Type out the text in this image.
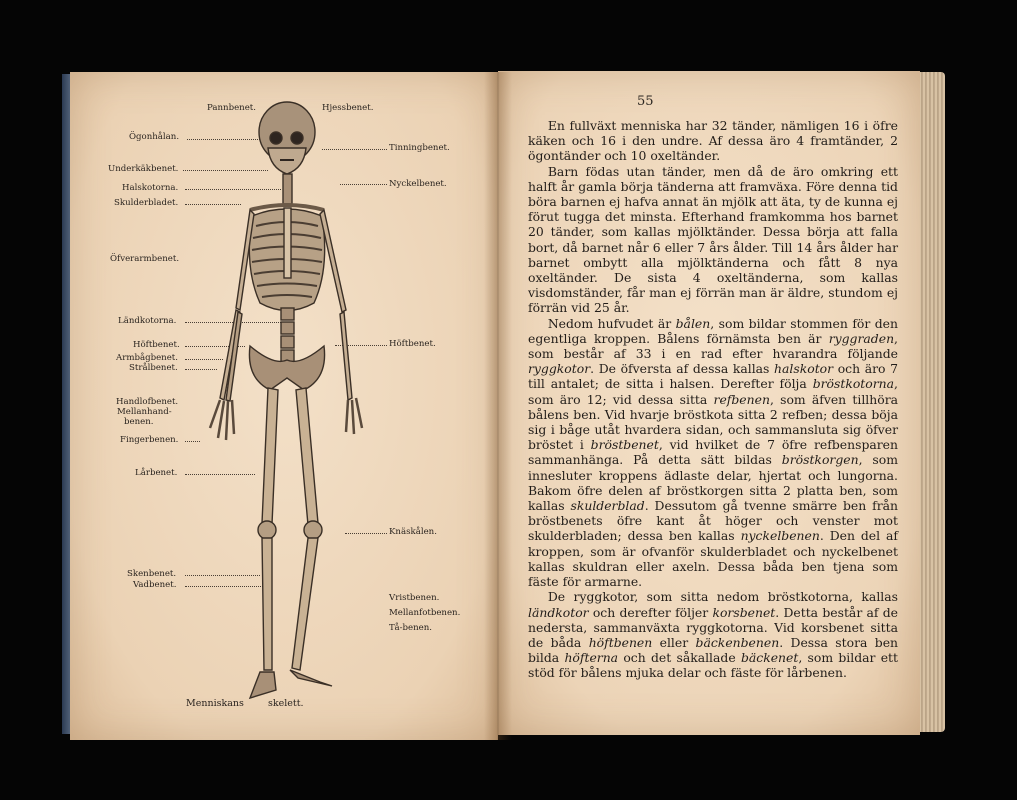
Pannbenet.
Ögonhålan.
Underkäkbenet.
Halskotorna.
Skulderbladet.
Öfverarmbenet.
Ländkotorna.
Höftbenet.
Armbågbenet.
Strålbenet.
Handlofbenet.
Mellanhand-
benen.
Fingerbenen.
Lårbenet.
Skenbenet.
Vadbenet.
Hjessbenet.
Tinningbenet.
Nyckelbenet.
Höftbenet.
Knäskålen.
Vristbenen.
Mellanfotbenen.
Tå-benen.
Menniskans	skelett.
55

En fullväxt menniska har 32 tänder, nämligen 16 i öfre käken och 16 i den undre. Af dessa äro 4 framtänder, 2 ögontänder och 10 oxeltänder.

Barn födas utan tänder, men då de äro omkring ett halft år gamla börja tänderna att framväxa. Före denna tid böra barnen ej hafva annat än mjölk att äta, ty de kunna ej förut tugga det minsta. Efterhand framkomma hos barnet 20 tänder, som kallas mjölktänder. Dessa börja att falla bort, då barnet når 6 eller 7 års ålder. Till 14 års ålder har barnet ombytt alla mjölktänderna och fått 8 nya oxeltänder. De sista 4 oxeltänderna, som kallas visdomständer, får man ej förrän man är äldre, stundom ej förrän vid 25 år.

Nedom hufvudet är bålen, som bildar stommen för den egentliga kroppen. Bålens förnämsta ben är ryggraden, som består af 33 i en rad efter hvarandra följande ryggkotor. De öfversta af dessa kallas halskotor och äro 7 till antalet; de sitta i halsen. Derefter följa bröstkotorna, som äro 12; vid dessa sitta refbenen, som äfven tillhöra bålens ben. Vid hvarje bröstkota sitta 2 refben; dessa böja sig i båge utåt hvardera sidan, och sammansluta sig öfver bröstet i bröstbenet, vid hvilket de 7 öfre refbensparen sammanhänga. På detta sätt bildas bröstkorgen, som innesluter kroppens ädlaste delar, hjertat och lungorna. Bakom öfre delen af bröstkorgen sitta 2 platta ben, som kallas skulderblad. Dessutom gå tvenne smärre ben från bröstbenets öfre kant åt höger och venster mot skulderbladen; dessa ben kallas nyckelbenen. Den del af kroppen, som är ofvanför skulderbladet och nyckelbenet kallas skuldran eller axeln. Dessa båda ben tjena som fäste för armarne.

De ryggkotor, som sitta nedom bröstkotorna, kallas ländkotor och derefter följer korsbenet. Detta består af de nedersta, sammanväxta ryggkotorna. Vid korsbenet sitta de båda höftbenen eller bäckenbenen. Dessa stora ben bilda höfterna och det såkallade bäckenet, som bildar ett stöd för bålens mjuka delar och fäste för lårbenen.
